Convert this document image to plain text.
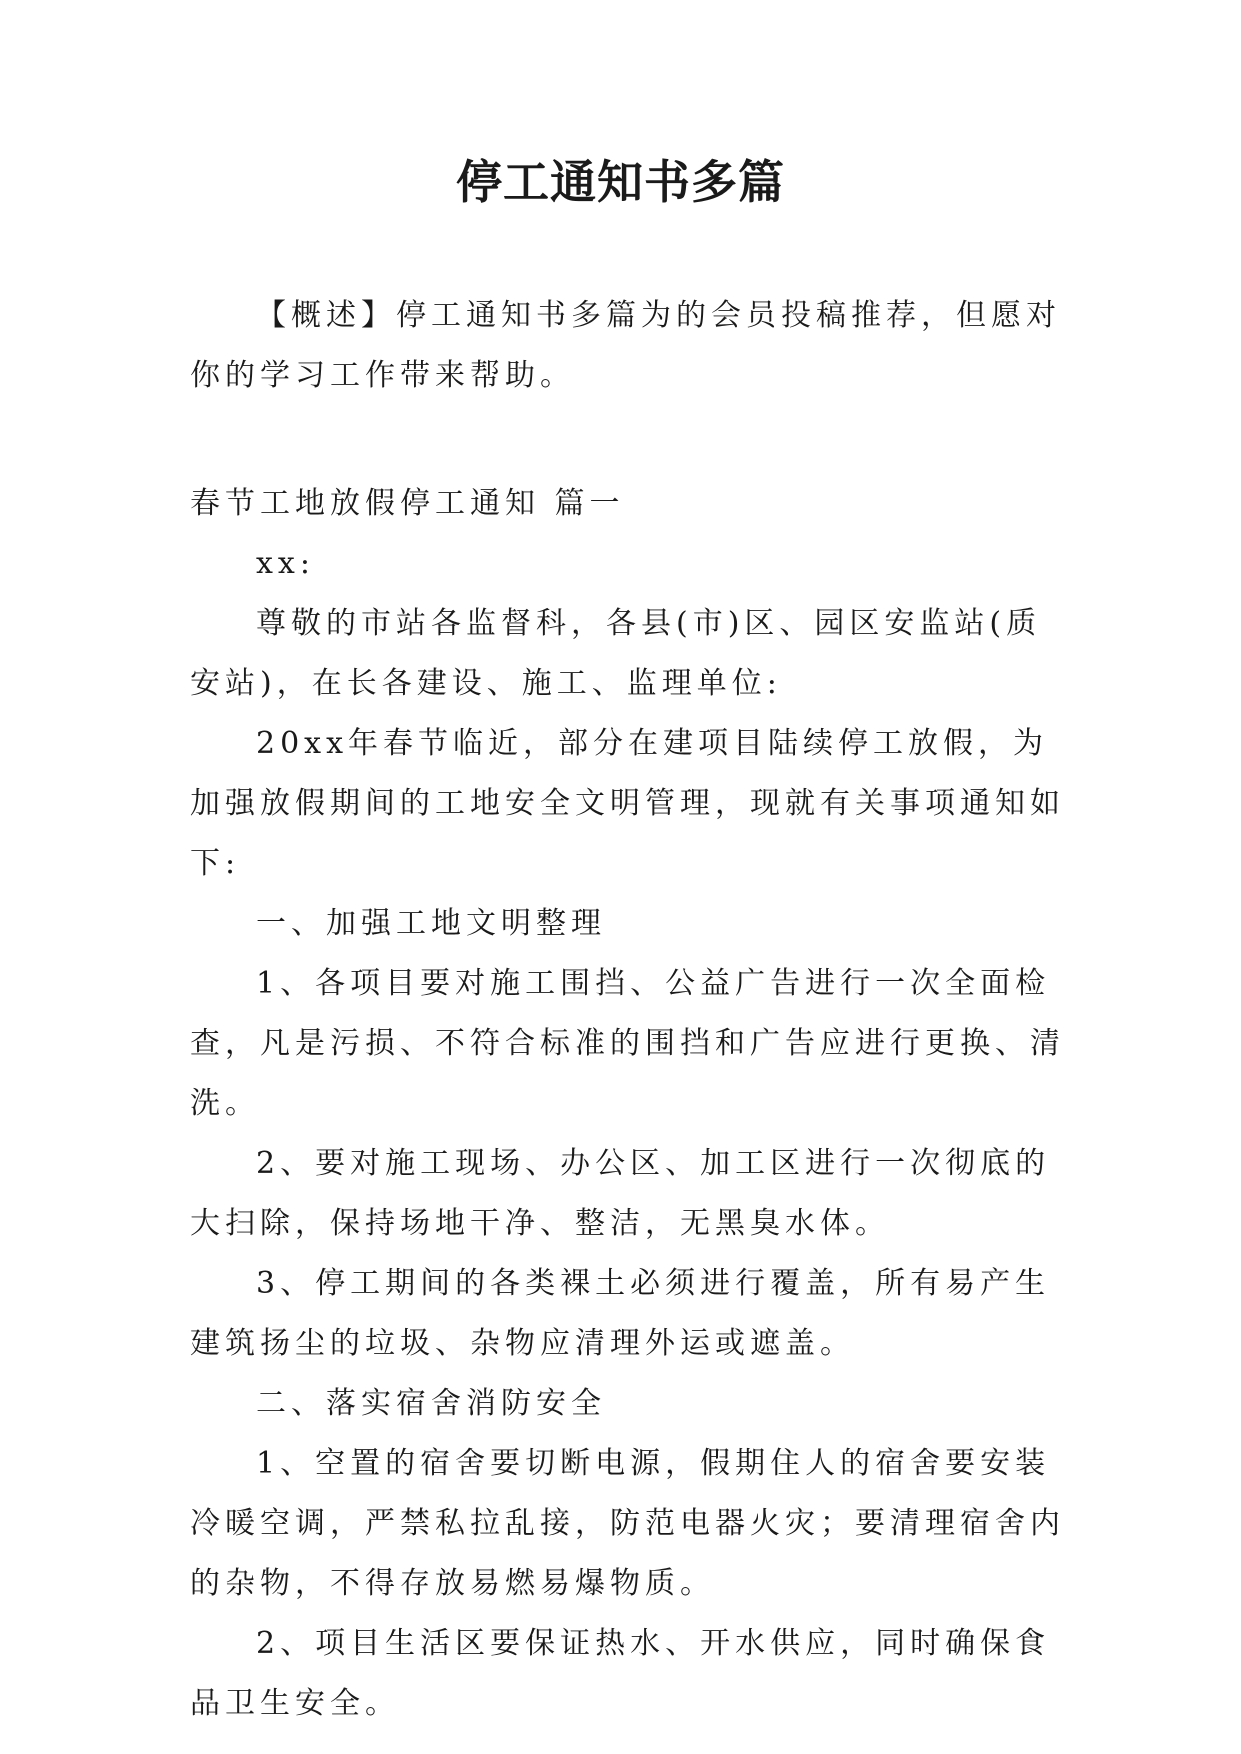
停工通知书多篇

【概述】停工通知书多篇为的会员投稿推荐，但愿对你的学习工作带来帮助。

春节工地放假停工通知 篇一

xx:

尊敬的市站各监督科，各县(市)区、园区安监站(质安站)，在长各建设、施工、监理单位:

20xx年春节临近，部分在建项目陆续停工放假，为加强放假期间的工地安全文明管理，现就有关事项通知如下:

一、加强工地文明整理

1、各项目要对施工围挡、公益广告进行一次全面检查，凡是污损、不符合标准的围挡和广告应进行更换、清洗。

2、要对施工现场、办公区、加工区进行一次彻底的大扫除，保持场地干净、整洁，无黑臭水体。

3、停工期间的各类裸土必须进行覆盖，所有易产生建筑扬尘的垃圾、杂物应清理外运或遮盖。

二、落实宿舍消防安全

1、空置的宿舍要切断电源，假期住人的宿舍要安装冷暖空调，严禁私拉乱接，防范电器火灾；要清理宿舍内的杂物，不得存放易燃易爆物质。

2、项目生活区要保证热水、开水供应，同时确保食品卫生安全。
